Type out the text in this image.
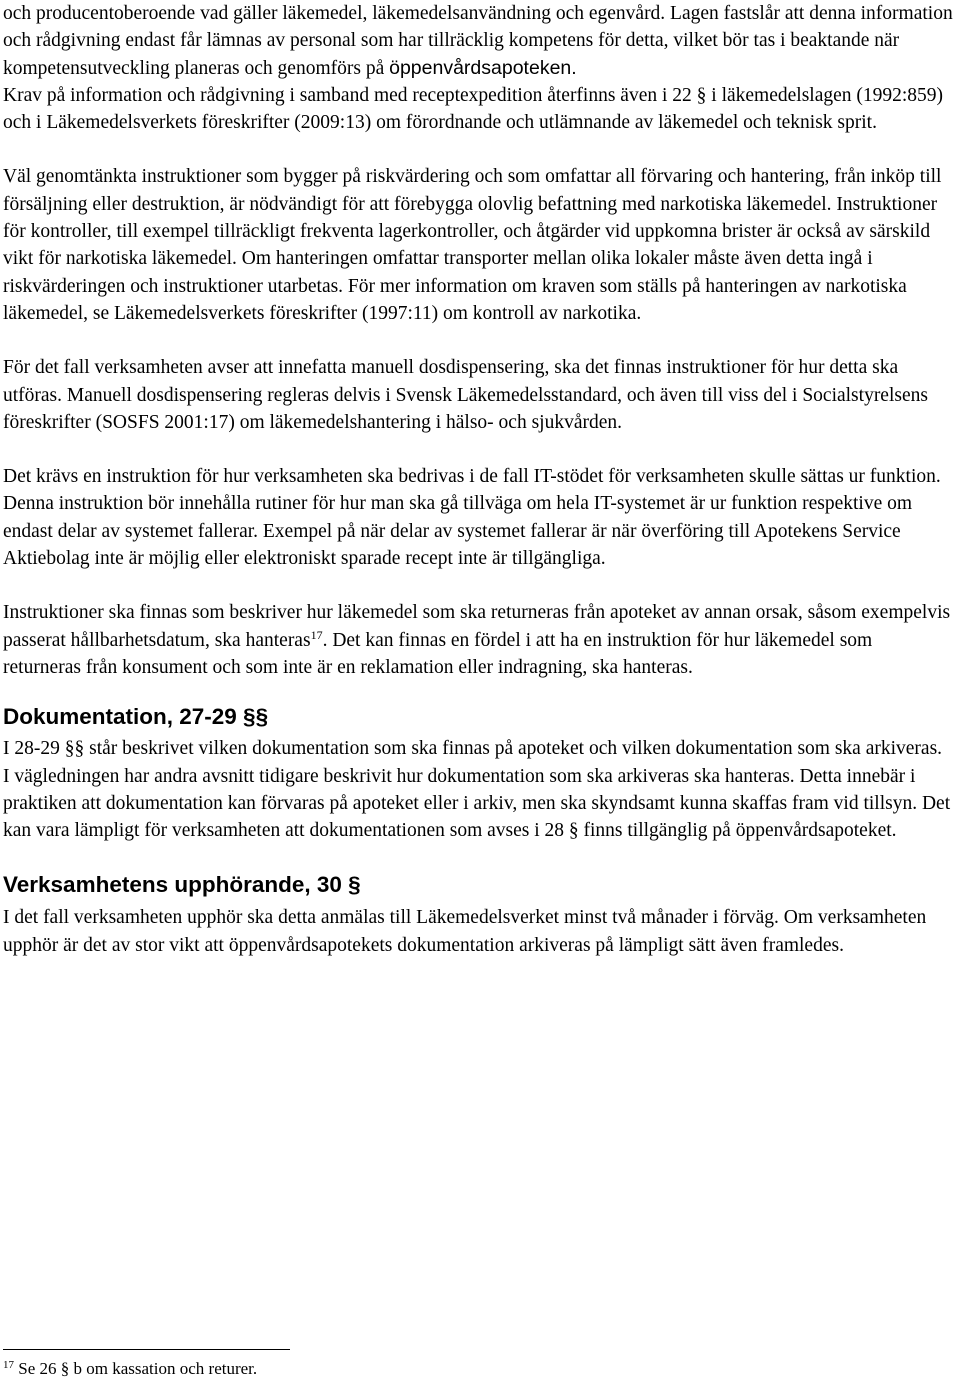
och producentoberoende vad gäller läkemedel, läkemedelsanvändning och egenvård. Lagen fastslår att denna information och rådgivning endast får lämnas av personal som har tillräcklig kompetens för detta, vilket bör tas i beaktande när kompetensutveckling planeras och genomförs på öppenvårdsapoteken.
Krav på information och rådgivning i samband med receptexpedition återfinns även i 22 § i läkemedelslagen (1992:859) och i Läkemedelsverkets föreskrifter (2009:13) om förordnande och utlämnande av läkemedel och teknisk sprit.

Väl genomtänkta instruktioner som bygger på riskvärdering och som omfattar all förvaring och hantering, från inköp till försäljning eller destruktion, är nödvändigt för att förebygga olovlig befattning med narkotiska läkemedel. Instruktioner för kontroller, till exempel tillräckligt frekventa lagerkontroller, och åtgärder vid uppkomna brister är också av särskild vikt för narkotiska läkemedel. Om hanteringen omfattar transporter mellan olika lokaler måste även detta ingå i riskvärderingen och instruktioner utarbetas. För mer information om kraven som ställs på hanteringen av narkotiska läkemedel, se Läkemedelsverkets föreskrifter (1997:11) om kontroll av narkotika.

För det fall verksamheten avser att innefatta manuell dosdispensering, ska det finnas instruktioner för hur detta ska utföras. Manuell dosdispensering regleras delvis i Svensk Läkemedelsstandard, och även till viss del i Socialstyrelsens föreskrifter (SOSFS 2001:17) om läkemedelshantering i hälso- och sjukvården.

Det krävs en instruktion för hur verksamheten ska bedrivas i de fall IT-stödet för verksamheten skulle sättas ur funktion. Denna instruktion bör innehålla rutiner för hur man ska gå tillväga om hela IT-systemet är ur funktion respektive om endast delar av systemet fallerar. Exempel på när delar av systemet fallerar är när överföring till Apotekens Service Aktiebolag inte är möjlig eller elektroniskt sparade recept inte är tillgängliga.

Instruktioner ska finnas som beskriver hur läkemedel som ska returneras från apoteket av annan orsak, såsom exempelvis passerat hållbarhetsdatum, ska hanteras$^{17}$. Det kan finnas en fördel i att ha en instruktion för hur läkemedel som returneras från konsument och som inte är en reklamation eller indragning, ska hanteras.

Dokumentation, 27-29 §§

I 28-29 §§ står beskrivet vilken dokumentation som ska finnas på apoteket och vilken dokumentation som ska arkiveras. I vägledningen har andra avsnitt tidigare beskrivit hur dokumentation som ska arkiveras ska hanteras. Detta innebär i praktiken att dokumentation kan förvaras på apoteket eller i arkiv, men ska skyndsamt kunna skaffas fram vid tillsyn. Det kan vara lämpligt för verksamheten att dokumentationen som avses i 28 § finns tillgänglig på öppenvårdsapoteket.

Verksamhetens upphörande, 30 §

I det fall verksamheten upphör ska detta anmälas till Läkemedelsverket minst två månader i förväg. Om verksamheten upphör är det av stor vikt att öppenvårdsapotekets dokumentation arkiveras på lämpligt sätt även framledes.

$^{17}$ Se 26 § b om kassation och returer.
